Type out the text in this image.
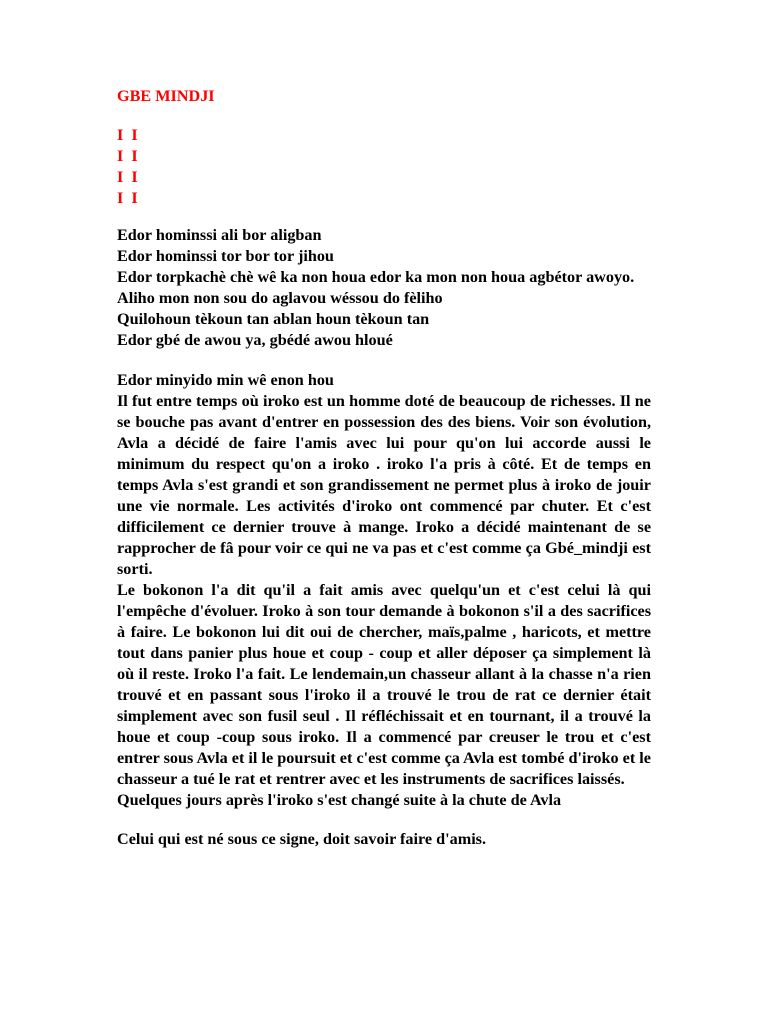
GBE MINDJI
I  I
I  I
I  I
I  I
Edor hominssi ali bor aligban
Edor hominssi tor bor tor jihou
Edor torpkachè chè wê ka non houa edor ka mon non houa agbétor awoyo.
Aliho mon non sou do aglavou wéssou do fèliho
Quilohoun tèkoun tan ablan houn tèkoun tan
Edor gbé de awou ya, gbédé awou hloué
Edor minyido min wê enon hou
Il fut entre temps où iroko est un homme doté de beaucoup de richesses. Il ne se bouche pas avant d'entrer en possession des des biens. Voir son évolution, Avla a décidé de faire l'amis avec lui pour qu'on lui accorde aussi le minimum du respect qu'on a iroko . iroko l'a pris à côté. Et de temps en temps Avla s'est grandi et son grandissement ne permet plus à iroko de jouir une vie normale. Les activités d'iroko ont commencé par chuter. Et c'est difficilement ce dernier trouve à mange. Iroko a décidé maintenant de se rapprocher de fâ pour voir ce qui ne va pas et c'est comme ça Gbé_mindji est sorti.
Le bokonon l'a dit qu'il a fait amis avec quelqu'un et c'est celui là qui l'empêche d'évoluer. Iroko à son tour demande à bokonon s'il a des sacrifices à faire. Le bokonon lui dit oui de chercher, maïs,palme , haricots, et mettre tout dans panier plus houe et coup - coup et aller déposer ça simplement là où il reste. Iroko l'a fait. Le lendemain,un chasseur allant à la chasse n'a rien trouvé et en passant sous l'iroko il a trouvé le trou de rat ce dernier était simplement avec son fusil seul . Il réfléchissait et en tournant, il a trouvé la houe et coup -coup sous iroko. Il a commencé par creuser le trou et c'est entrer sous Avla et il le poursuit et c'est comme ça Avla est tombé d'iroko et le chasseur a tué le rat et rentrer avec et les instruments de sacrifices laissés.
Quelques jours après l'iroko s'est changé suite à la chute de Avla
Celui qui est né sous ce signe, doit savoir faire d'amis.
